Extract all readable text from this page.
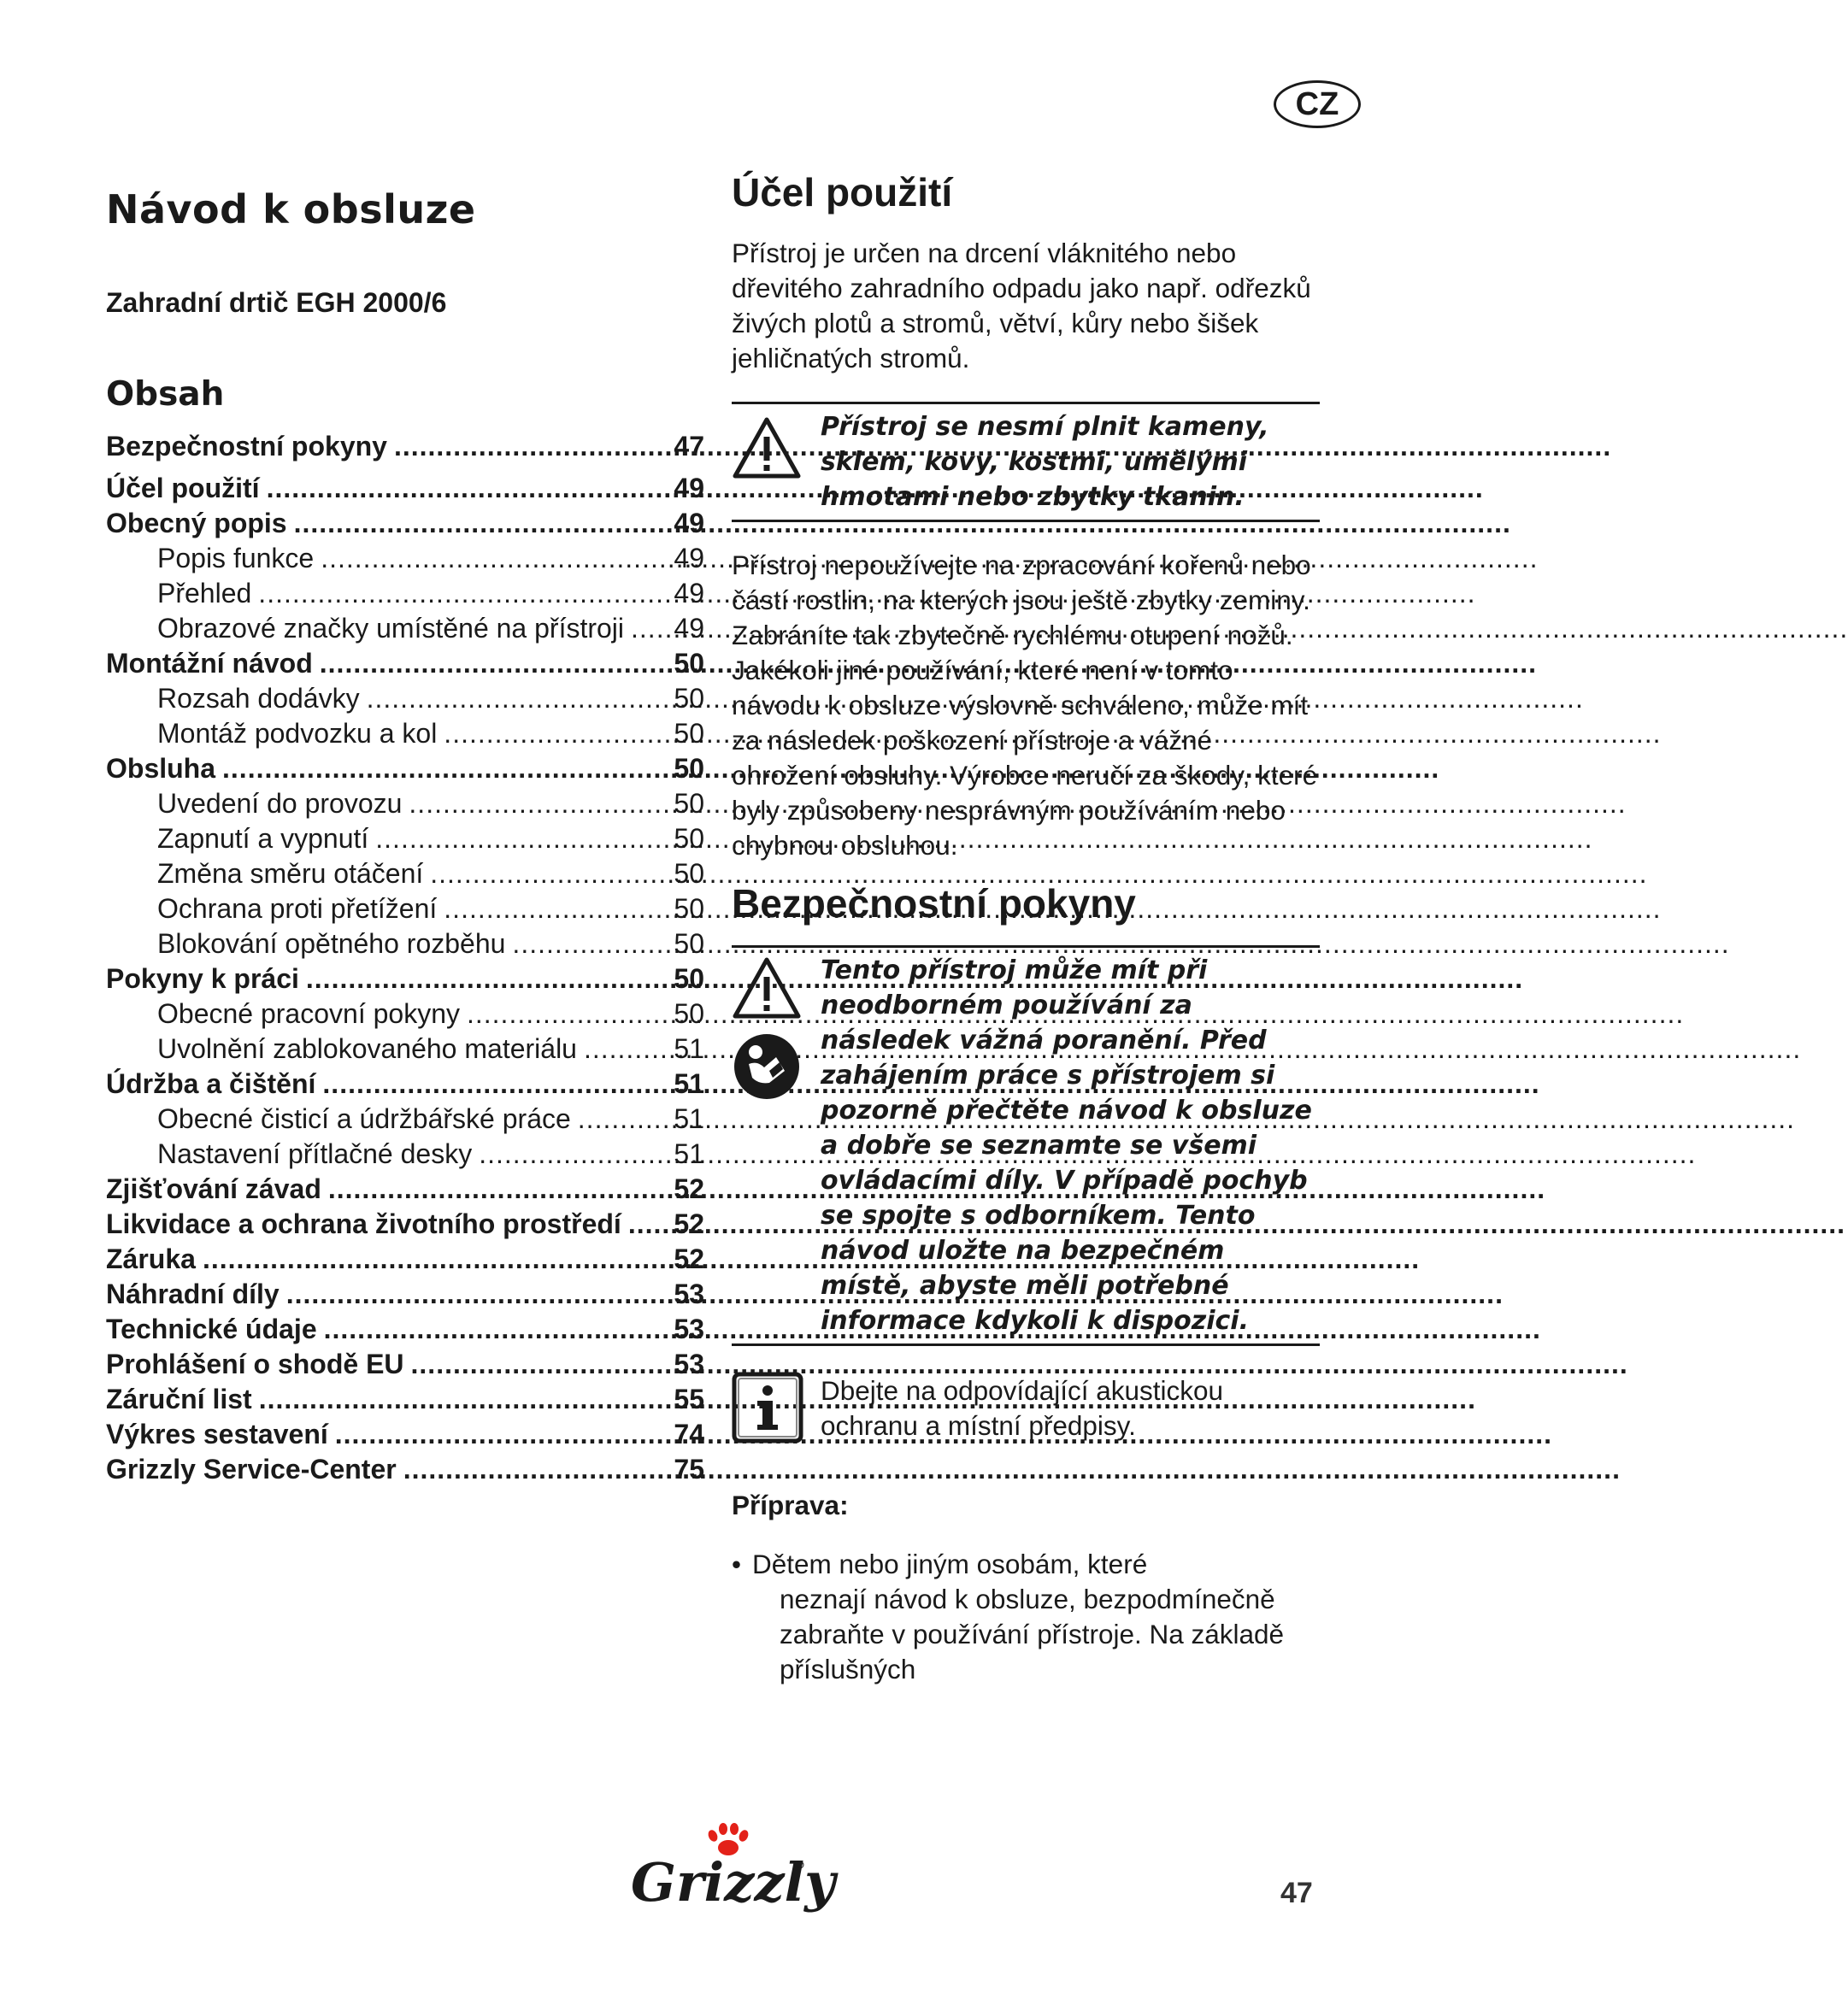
CZ
Návod k obsluze

Zahradní drtič EGH 2000/6

Obsah
Bezpečnostní pokyny .....	47
Účel použití .....	49
Obecný popis .....	49
Popis funkce .....	49
Přehled .....	49
Obrazové značky umístěné na přístroji ..... 49
Montážní návod .....	50
Rozsah dodávky .....	50
Montáž podvozku a kol .....	50
Obsluha .....	50
Uvedení do provozu .....	50
Zapnutí a vypnutí .....	50
Změna směru otáčení .....	50
Ochrana proti přetížení .....	50
Blokování opětného rozběhu .....	50
Pokyny k práci .....	50
Obecné pracovní pokyny .....	50
Uvolnění zablokovaného materiálu .....	51
Údržba a čištění .....	51
Obecné čisticí a údržbářské práce .....	51
Nastavení přítlačné desky .....	51
Zjišťování závad .....	52
Likvidace a ochrana životního prostředí ..... 52
Záruka .....	52
Náhradní díly .....	53
Technické údaje .....	53
Prohlášení o shodě EU .....	53
Záruční list .....	55
Výkres sestavení .....	74
Grizzly Service-Center .....	75
Účel použití

Přístroj je určen na drcení vláknitého nebo dřevitého zahradního odpadu jako např. odřezků živých plotů a stromů, větví, kůry nebo šišek jehličnatých stromů.

Přístroj se nesmí plnit kameny, sklem, kovy, kostmi, umělými hmotami nebo zbytky tkanin.

Přístroj nepoužívejte na zpracování kořenů nebo částí rostlin, na kterých jsou ještě zbytky zeminy. Zabráníte tak zbytečně rychlému otupení nožů.

Jakékoli jiné používání, které není v tomto návodu k obsluze výslovně schváleno, může mít za následek poškození přístroje a vážné ohrožení obsluhy. Výrobce neručí za škody, které byly způsobeny nesprávným používáním nebo chybnou obsluhou.

Bezpečnostní pokyny

Tento přístroj může mít při neodborném používání za následek vážná poranění. Před zahájením práce s přístrojem si pozorně přečtěte návod k obsluze a dobře se seznamte se všemi ovládacími díly. V případě pochyb se spojte s odborníkem. Tento návod uložte na bezpečném místě, abyste měli potřebné informace kdykoli k dispozici.

Dbejte na odpovídající akustickou ochranu a místní předpisy.

Příprava:

• Dětem nebo jiným osobám, které
neznají návod k obsluze, bezpodmínečně zabraňte v používání přístroje. Na základě příslušných
Grizzly	47
